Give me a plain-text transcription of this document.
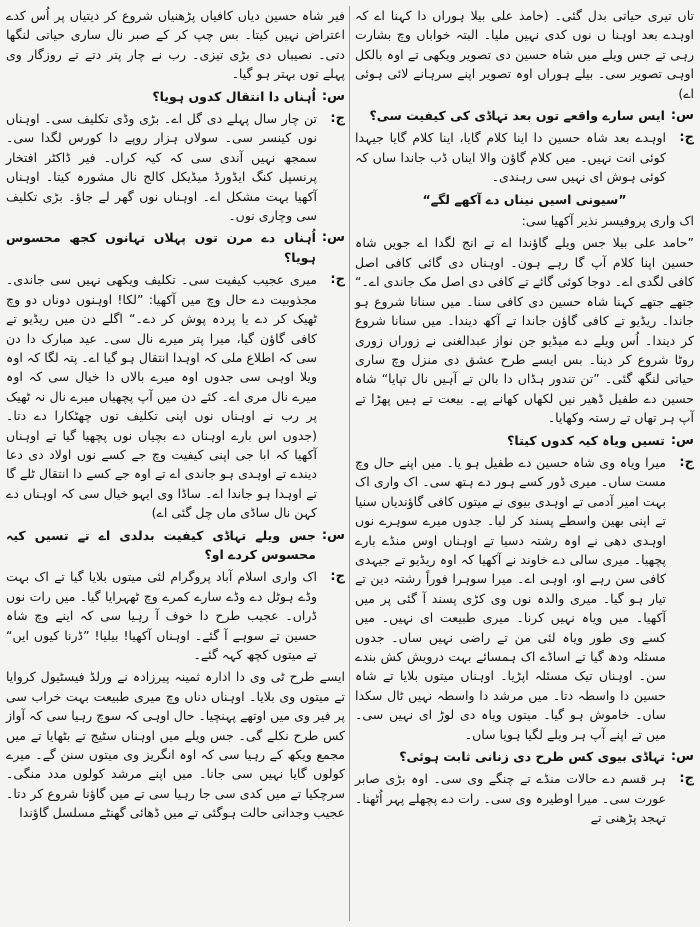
تاں تیری حیاتی بدل گئی۔ (حامد علی بیلا ہوراں دا کہنا اے کہ اوہدے بعد اوہنا ں نوں کدی نہیں ملیا۔ البتہ خواباں وچ بشارت رہی تے جس ویلے میں شاہ حسین دی تصویر ویکھی تے اوہ بالکل اوہی تصویر سی۔ بیلے ہوراں اوہ تصویر اپنے سرہانے لائی ہوئی اے)

س:

ایس سارے واقعے توں بعد تہاڈی کی کیفیت سی؟

ج:

اوہدے بعد شاہ حسین دا اینا کلام گایا، اینا کلام گایا جیہدا کوئی انت نہیں۔ میں کلام گاؤن والا ایناں ڈب جاندا ساں کہ کوئی ہوش ای نہیں سی رہندی۔

”سیونی اسیں نیناں دے آکھے لگے“

اک واری پروفیسر نذیر آکھیا سی:

”حامد علی بیلا جس ویلے گاؤندا اے تے انج لگدا اے جویں شاہ حسین اپنا کلام آپ گا رہے ہون۔ اوہناں دی گائی کافی اصل کافی لگدی اے۔ دوجا کوئی گائے تے کافی دی اصل مک جاندی اے۔“ جتھے جتھے کہنا شاہ حسین دی کافی سنا۔ میں سنانا شروع ہو جاندا۔ ریڈیو تے کافی گاؤن جاندا تے آکھ دیندا۔ میں سنانا شروع کر دیندا۔ اُس ویلے دے میڈیو جن نواز عبدالغنی نے زوراں زوری روٹا شروع کر دینا۔ بس ایسے طرح عشق دی منزل وچ ساری حیاتی لنگھ گئی۔ ”تن تندور ہڈاں دا بالن تے آہیں نال تپایا“ شاہ حسین دے طفیل ڈھیر نیں لکھاں کھانے پے۔ بیعت تے ہیں پھڑا تے آپ ہر تھاں تے رستہ وکھایا۔

س:

تسیں ویاہ کیہ کدوں کیتا؟

ج:

میرا ویاہ وی شاہ حسین دے طفیل ہو یا۔ میں اپنے حال وچ مست ساں۔ میری ڈور کسے ہور دے ہتھ سی۔ اک واری اک بہت امیر آدمی تے اوہدی بیوی نے میتوں کافی گاؤندیاں سنیا تے اپنی بھین واسطے پسند کر لیا۔ جدوں میرے سوہرے نوں اوہدی دھی نے اوہ رشتہ دسیا تے اوہناں اوس منڈے بارے پچھیا۔ میری سالی دے خاوند نے آکھیا کہ اوہ ریڈیو تے جیہدی کافی سن رہے او، اوہی اے۔ میرا سوہرا فوراً رشتہ دین تے تیار ہو گیا۔ میری والدہ نوں وی کڑی پسند آ گئی پر میں آکھیا۔ میں ویاہ نہیں کرنا۔ میری طبیعت ای نہیں۔ میں کسے وی طور ویاہ لئی من تے راضی نہیں ساں۔ جدوں مسئلہ ودھ گیا تے اساڈے اک ہمسائے بہت درویش کش بندے سن۔ اوہناں تیک مسئلہ اپڑیا۔ اوہناں میتوں بلایا تے شاہ حسین دا واسطہ دتا۔ میں مرشد دا واسطہ نہیں ٹال سکدا ساں۔ خاموش ہو گیا۔ میتوں ویاہ دی لوڑ ای نہیں سی۔ میں تے اپنے آپ ہر ویلے لگیا ہویا ساں۔

س:

تہاڈی بیوی کس طرح دی زنانی ثابت ہوئی؟

ج:

ہر قسم دے حالات منڈے تے چنگے وی سی۔ اوہ بڑی صابر عورت سی۔ میرا اوطیرہ وی سی۔ رات دے پچھلے پہر اُٹھنا۔ تہجد پڑھنی تے

فیر شاہ حسین دیاں کافیاں پڑھنیاں شروع کر دیتیاں پر اُس کدے اعتراض نہیں کیتا۔ بس چپ کر کے صبر نال ساری حیاتی لنگھا دتی۔ نصیباں دی بڑی تیزی۔ رب نے چار پتر دتے تے روزگار وی پہلے توں بہتر ہو گیا۔

س:

اُہناں دا انتقال کدوں ہویا؟

ج:

تن چار سال پہلے دی گل اے۔ بڑی وڈی تکلیف سی۔ اوہناں نوں کینسر سی۔ سولاں ہزار روپے دا کورس لگدا سی۔ سمجھ نہیں آندی سی کہ کیہ کراں۔ فیر ڈاکٹر افتخار پرنسپل کنگ ایڈورڈ میڈیکل کالج نال مشورہ کیتا۔ اوہناں آکھیا بہت مشکل اے۔ اوہناں نوں گھر لے جاؤ۔ بڑی تکلیف سی وچاری نوں۔

س:

اُہناں دے مرن توں پہلاں تہانوں کجھ محسوس ہویا؟

ج:

میری عجیب کیفیت سی۔ تکلیف ویکھی نہیں سی جاندی۔ مجذوبیت دے حال وچ میں آکھیا: ”لکا! اوہنوں دوناں دو وچ ٹھیک کر دے یا پردہ پوش کر دے۔“ اگلے دن میں ریڈیو تے کافی گاؤن گیا، میرا پتر میرے نال سی۔ عید مبارک دا دن سی کہ اطلاع ملی کہ اوہدا انتقال ہو گیا اے۔ پتہ لگا کہ اوہ ویلا اوہی سی جدوں اوہ میرے بالاں دا خیال سی کہ اوہ میرے نال مری اے۔ کئے دن میں آپ پچھیاں میرے نال نہ ٹھیک پر رب نے اوہناں نوں اپنی تکلیف توں چھٹکارا دے دتا۔ (جدوں اس بارے اوہناں دے بچیاں نوں پچھیا گیا تے اوہناں آکھیا کہ ابا جی اپنی کیفیت وچ جے کسے نوں اولاد دی دعا دیندے تے اوہدی ہو جاندی اے تے اوہ جے کسے دا انتقال ٹلے گا تے اوہدا ہو جاندا اے۔ ساڈا وی ایہو خیال سی کہ اوہناں دے کہن نال ساڈی ماں چل گئی اے)

س:

جس ویلے تہاڈی کیفیت بدلدی اے تے تسیں کیہ محسوس کردے او؟

ج:

اک واری اسلام آباد پروگرام لئی میتوں بلایا گیا تے اک بہت وڈے ہوٹل دے وڈے سارے کمرے وچ ٹھہرایا گیا۔ میں رات نوں ڈراں۔ عجیب طرح دا خوف آ رہیا سی کہ اینے وچ شاہ حسین تے سوہے آ گئے۔ اوہناں آکھیا! بیلیا! ”ڈرنا کیوں ایں“ تے میتوں کچھ کہہ گئے۔

ایسے طرح ٹی وی دا ادارہ ثمینہ پیرزادہ نے ورلڈ فیسٹیول کروایا تے میتوں وی بلایا۔ اوہناں دناں وچ میری طبیعت بہت خراب سی پر فیر وی میں اوتھے پہنچیا۔ حال اوہی کہ سوچ رہیا سی کہ آواز کس طرح نکلے گی۔ جس ویلے میں اوہناں سٹیج تے بٹھایا تے میں مجمع ویکھ کے رہیا سی کہ اوہ انگریز وی میتوں سنن گے۔ میرے کولوں گایا نہیں سی جانا۔ میں اپنے مرشد کولوں مدد منگی۔ سرچکیا تے میں کدی سی جا رہیا سی تے میں گاؤنا شروع کر دتا۔ عجیب وجدانی حالت ہوگئی تے میں ڈھائی گھنٹے مسلسل گاؤندا
